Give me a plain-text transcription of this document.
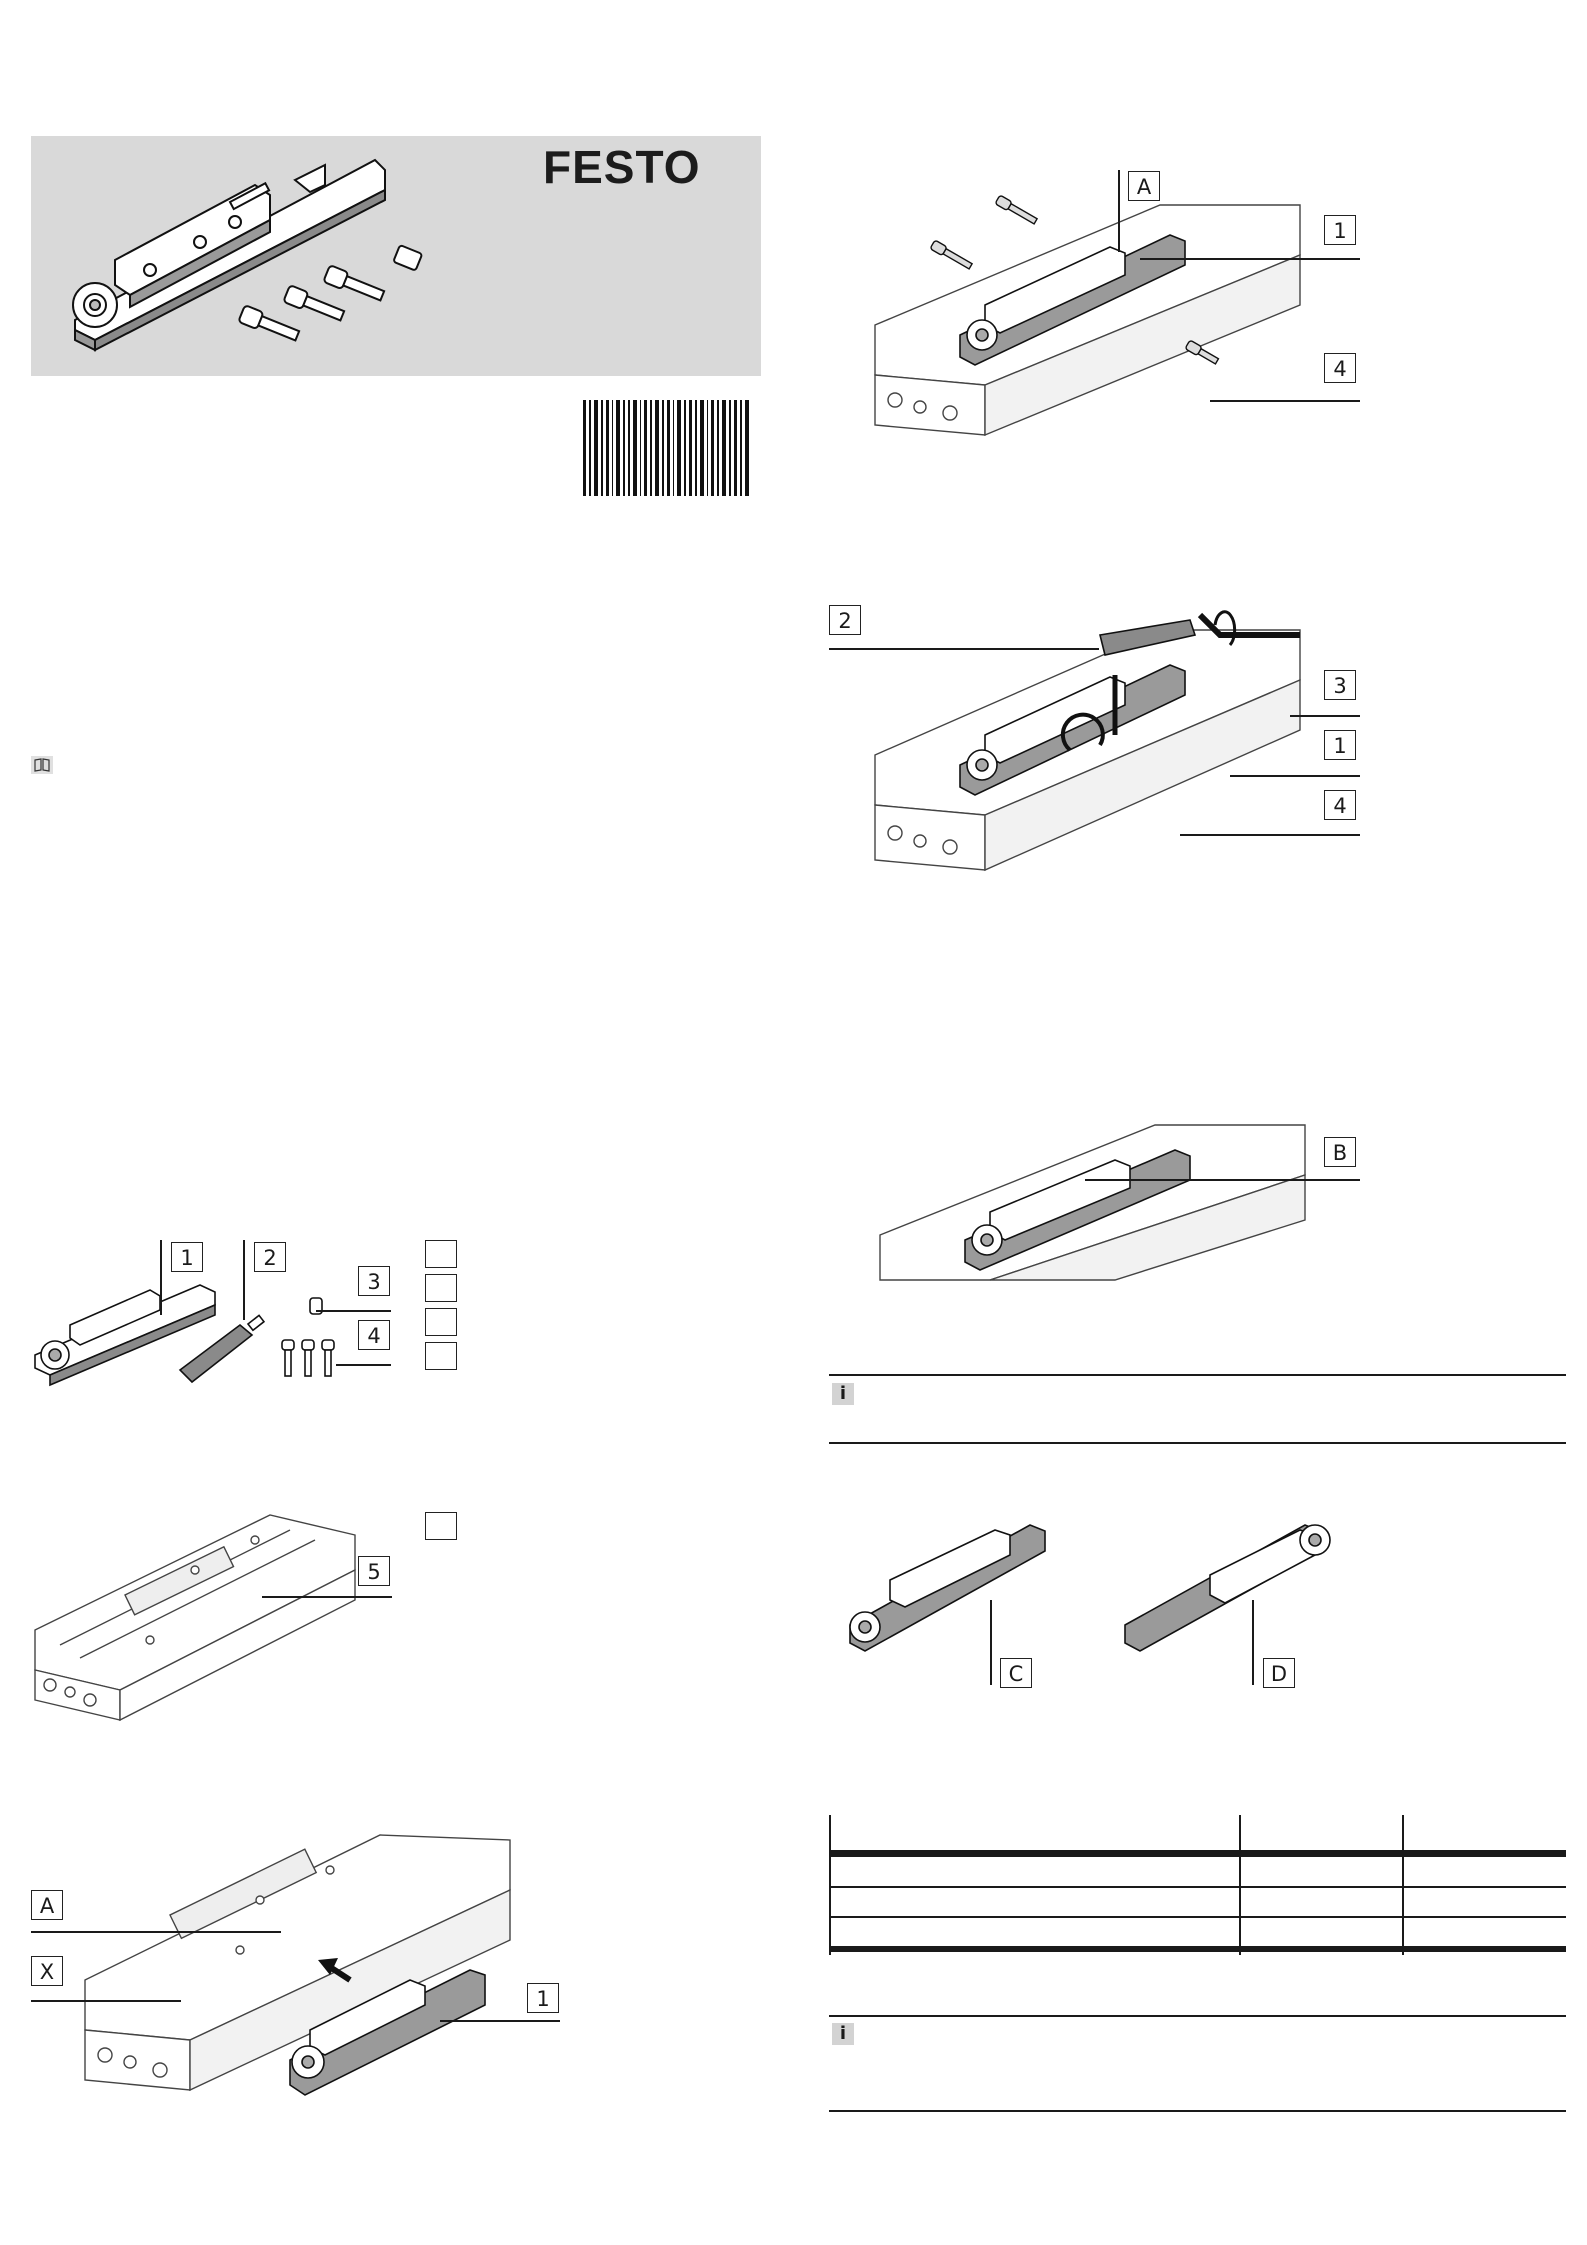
FESTO
1	2
3
4
5
A
X
1
A
1
4
2
3
1
4
B
i
C	D
i
